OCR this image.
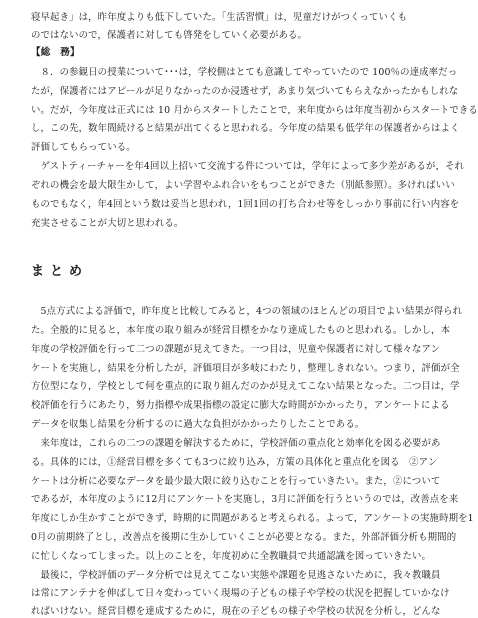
寝早起き」は，昨年度よりも低下していた。「生活習慣」は，児童だけがつくっていくも
のではないので，保護者に対しても啓発をしていく必要がある。
【総　務】
　８．の参観日の授業について･･･は，学校側はとても意識してやっていたので 100％の達成率だっ
たが，保護者にはアピールが足りなかったのか浸透せず，あまり気づいてもらえなかったかもしれな
い。だが，今年度は正式には 10 月からスタートしたことで，来年度からは年度当初からスタートできる
し，この先，数年間続けると結果が出てくると思われる。今年度の結果も低学年の保護者からはよく
評価してもらっている。
　ゲストティーチャーを年4回以上招いて交流する件については，学年によって多少差があるが，それ
ぞれの機会を最大限生かして，よい学習やふれ合いをもつことができた（別紙参照）。多ければいい
ものでもなく，年4回という数は妥当と思われ，1回1回の打ち合わせ等をしっかり事前に行い内容を
充実させることが大切と思われる。
まとめ
　5点方式による評価で，昨年度と比較してみると，4つの領域のほとんどの項目でよい結果が得られ
た。全般的に見ると，本年度の取り組みが経営目標をかなり達成したものと思われる。しかし，本
年度の学校評価を行って二つの課題が見えてきた。一つ目は，児童や保護者に対して様々なアン
ケートを実施し，結果を分析したが，評価項目が多岐にわたり，整理しきれない。つまり，評価が全
方位型になり，学校として何を重点的に取り組んだのかが見えてこない結果となった。二つ目は，学
校評価を行うにあたり，努力指標や成果指標の設定に膨大な時間がかかったり，アンケートによる
データを収集し結果を分析するのに過大な負担がかかったりしたことである。
　来年度は，これらの二つの課題を解決するために，学校評価の重点化と効率化を図る必要があ
る。具体的には，①経営目標を多くても3つに絞り込み，方策の具体化と重点化を図る　②アン
ケートは分析に必要なデータを最少最大限に絞り込むことを行っていきたい。また，②について
であるが，本年度のように12月にアンケートを実施し，3月に評価を行うというのでは，改善点を来
年度にしか生かすことができず，時期的に問題があると考えられる。よって，アンケートの実施時期を1
0月の前期終了とし，改善点を後期に生かしていくことが必要となる。また，外部評価分析も期間的
に忙しくなってしまった。以上のことを，年度初めに全教職員で共通認識を図っていきたい。
　最後に，学校評価のデータ分析では見えてこない実態や課題を見逃さないために，我々教職員
は常にアンテナを伸ばして日々変わっていく現場の子どもの様子や学校の状況を把握していかなけ
ればいけない。経営目標を達成するために，現在の子どもの様子や学校の状況を分析し，どんな
